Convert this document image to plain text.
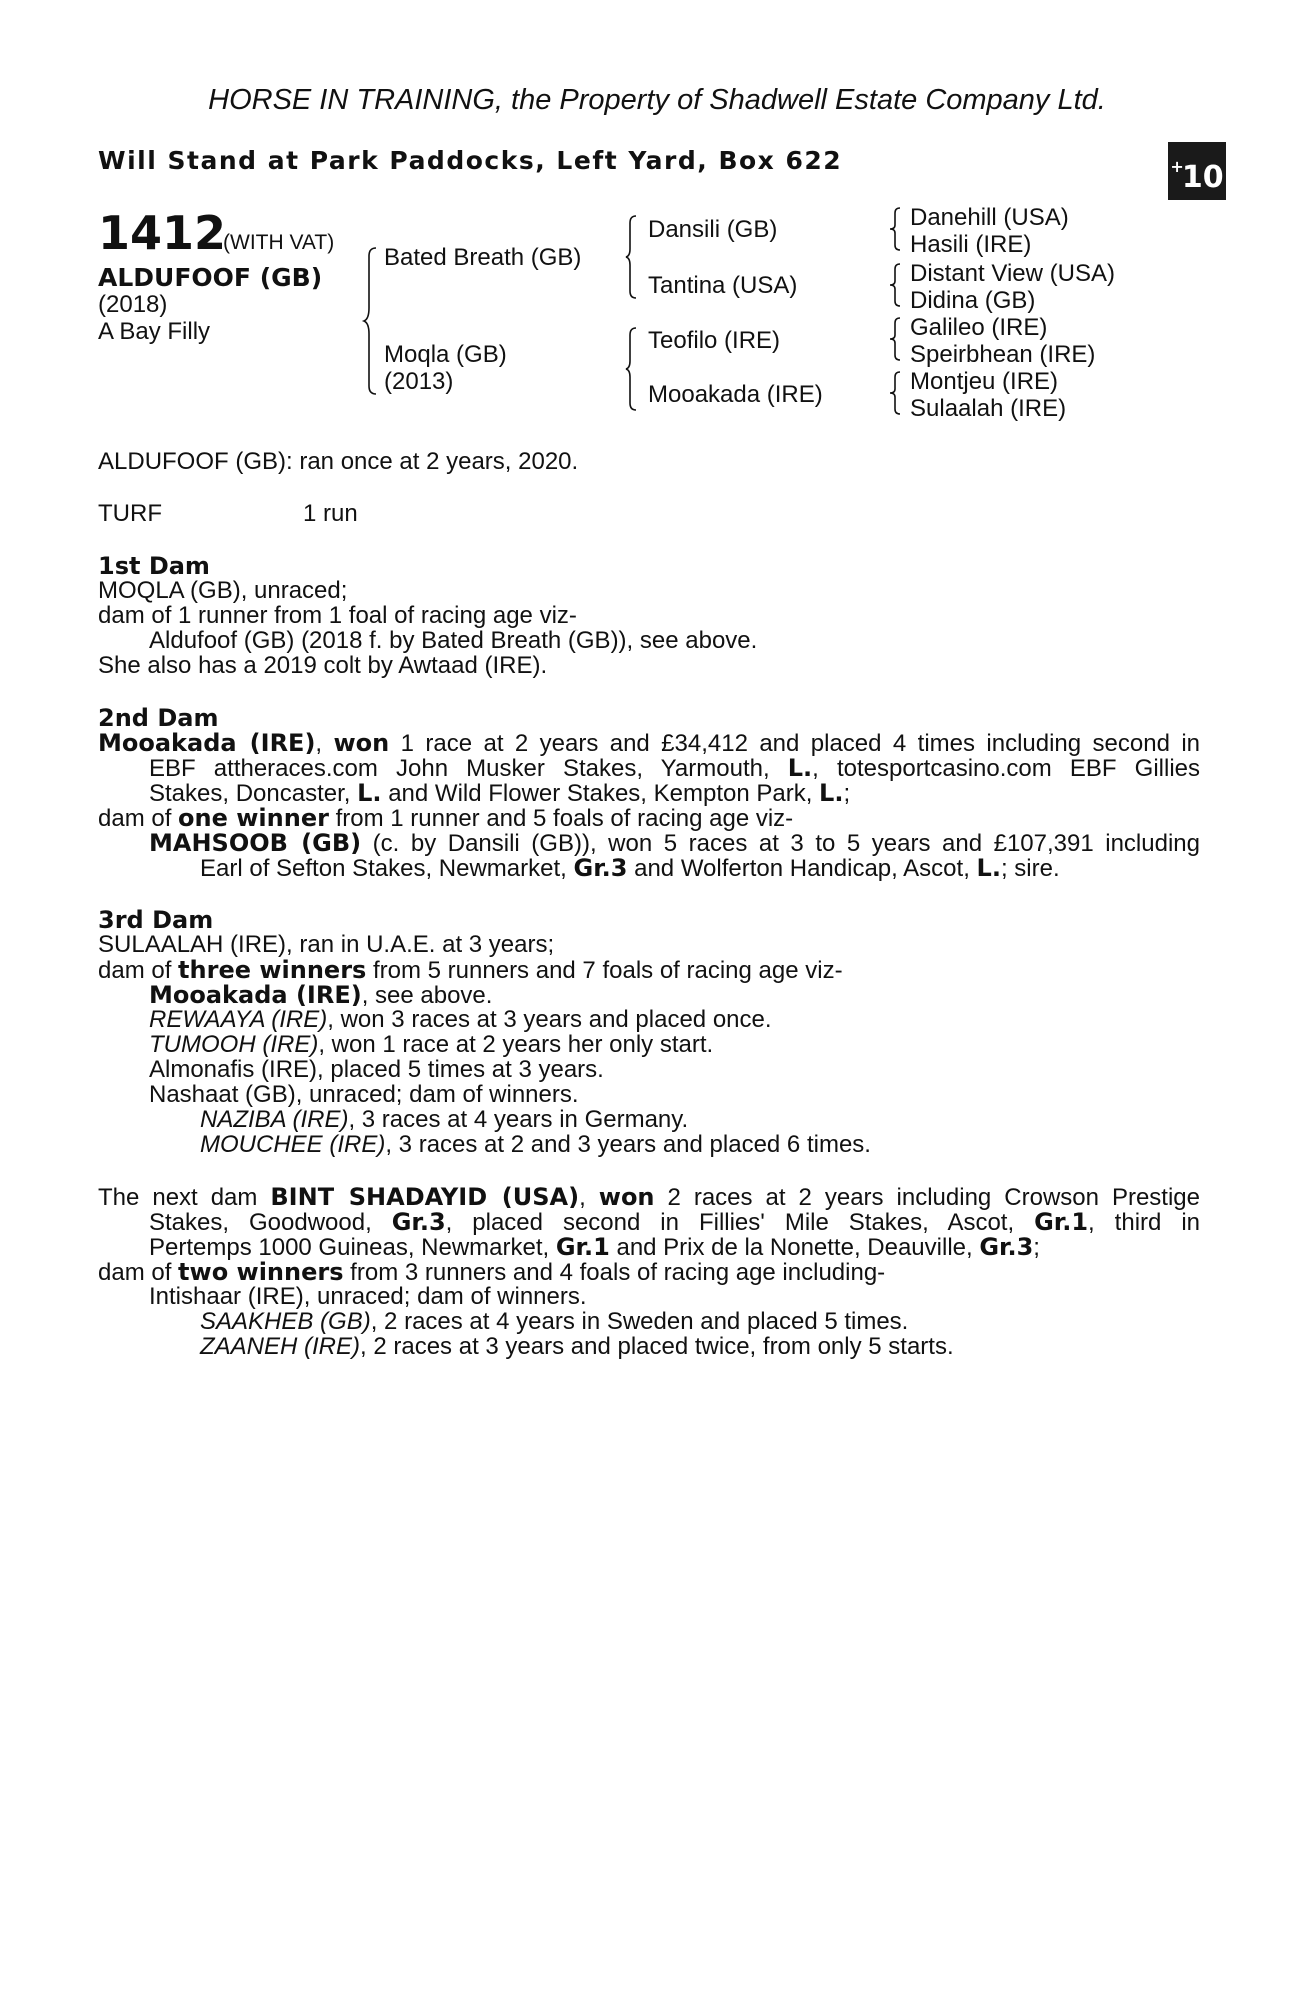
HORSE IN TRAINING, the Property of Shadwell Estate Company Ltd.
Will Stand at Park Paddocks, Left Yard, Box 622	+10
1412
(WITH VAT)
ALDUFOOF (GB)
(2018)
A Bay Filly
Bated Breath (GB)
Moqla (GB)
(2013)
Dansili (GB)
Tantina (USA)
Teofilo (IRE)
Mooakada (IRE)
Danehill (USA)
Hasili (IRE)
Distant View (USA)
Didina (GB)
Galileo (IRE)
Speirbhean (IRE)
Montjeu (IRE)
Sulaalah (IRE)
ALDUFOOF (GB): ran once at 2 years, 2020.
TURF	1 run
1st Dam
MOQLA (GB), unraced;
dam of 1 runner from 1 foal of racing age viz-
Aldufoof (GB) (2018 f. by Bated Breath (GB)), see above.
She also has a 2019 colt by Awtaad (IRE).
2nd Dam
Mooakada (IRE), won 1 race at 2 years and £34,412 and placed 4 times including second in
EBF attheraces.com John Musker Stakes, Yarmouth, L., totesportcasino.com EBF Gillies
Stakes, Doncaster, L. and Wild Flower Stakes, Kempton Park, L.;
dam of one winner from 1 runner and 5 foals of racing age viz-
MAHSOOB (GB) (c. by Dansili (GB)), won 5 races at 3 to 5 years and £107,391 including
Earl of Sefton Stakes, Newmarket, Gr.3 and Wolferton Handicap, Ascot, L.; sire.
3rd Dam
SULAALAH (IRE), ran in U.A.E. at 3 years;
dam of three winners from 5 runners and 7 foals of racing age viz-
Mooakada (IRE), see above.
REWAAYA (IRE), won 3 races at 3 years and placed once.
TUMOOH (IRE), won 1 race at 2 years her only start.
Almonafis (IRE), placed 5 times at 3 years.
Nashaat (GB), unraced; dam of winners.
NAZIBA (IRE), 3 races at 4 years in Germany.
MOUCHEE (IRE), 3 races at 2 and 3 years and placed 6 times.
The next dam BINT SHADAYID (USA), won 2 races at 2 years including Crowson Prestige
Stakes, Goodwood, Gr.3, placed second in Fillies' Mile Stakes, Ascot, Gr.1, third in
Pertemps 1000 Guineas, Newmarket, Gr.1 and Prix de la Nonette, Deauville, Gr.3;
dam of two winners from 3 runners and 4 foals of racing age including-
Intishaar (IRE), unraced; dam of winners.
SAAKHEB (GB), 2 races at 4 years in Sweden and placed 5 times.
ZAANEH (IRE), 2 races at 3 years and placed twice, from only 5 starts.
